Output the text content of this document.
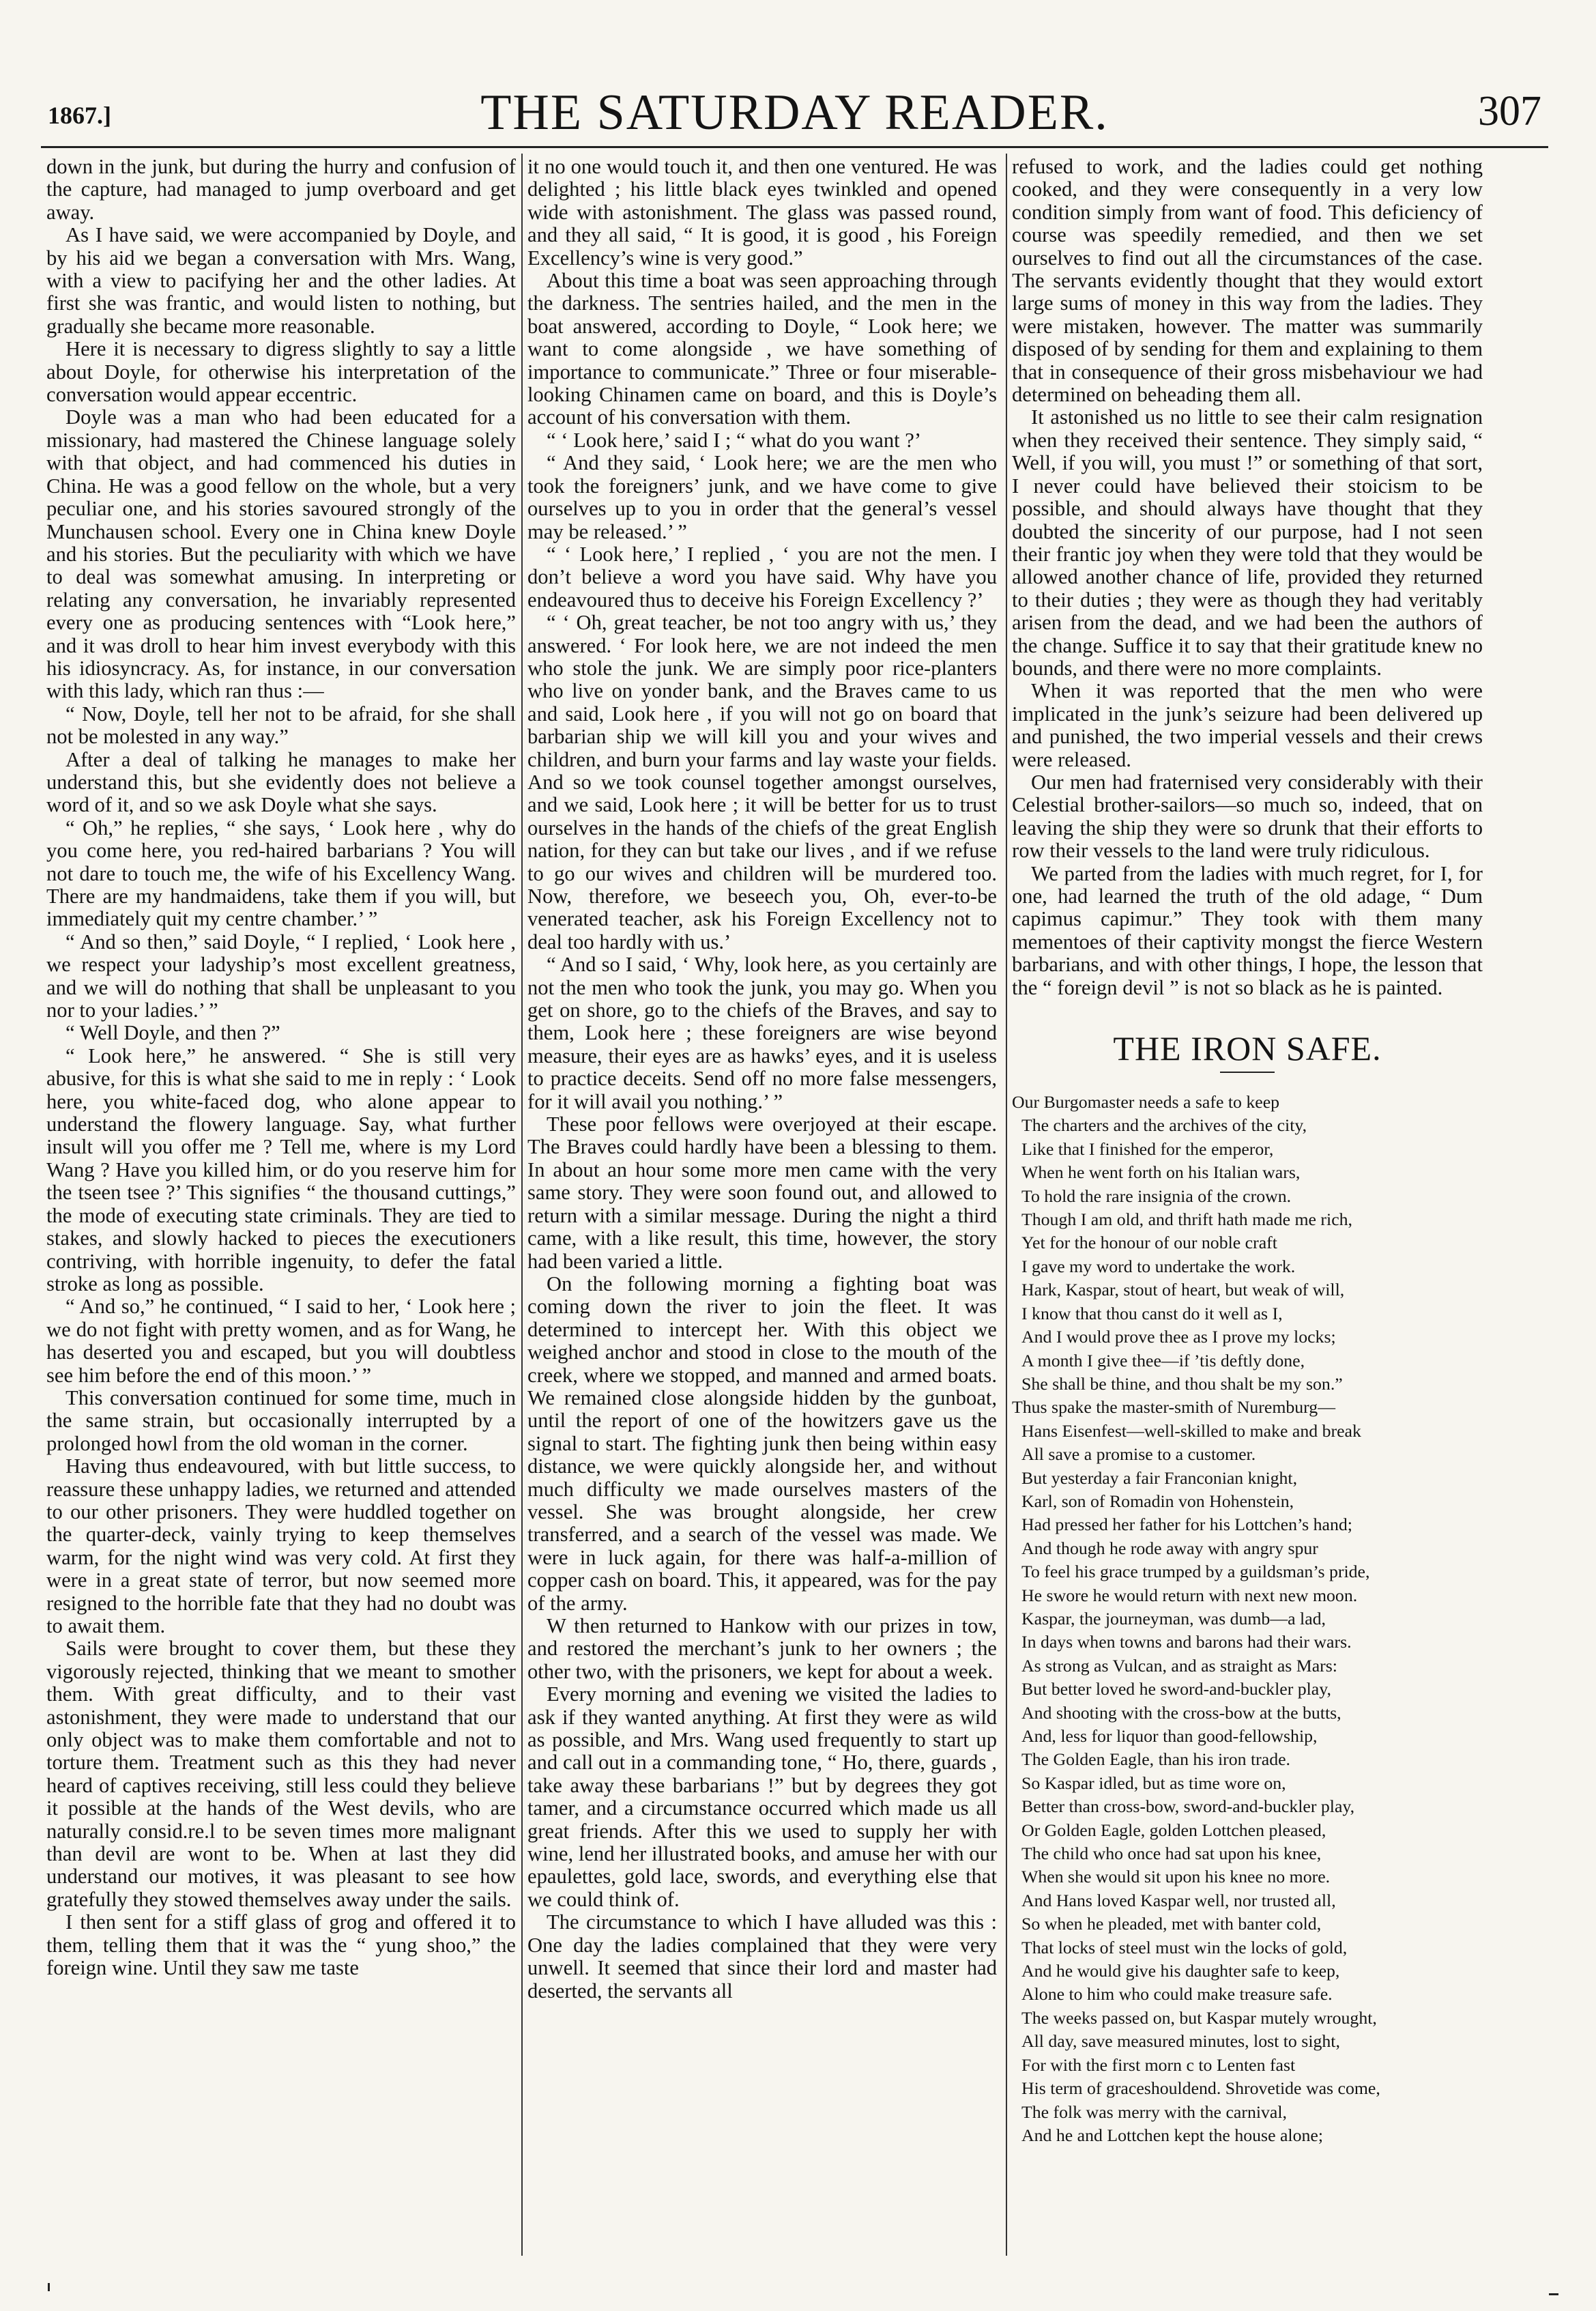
1867.]	THE SATURDAY READER.	307

down in the junk, but during the hurry and confusion of the capture, had managed to jump overboard and get away.

As I have said, we were accompanied by Doyle, and by his aid we began a conversation with Mrs. Wang, with a view to pacifying her and the other ladies. At first she was frantic, and would listen to nothing, but gradually she became more reasonable.

Here it is necessary to digress slightly to say a little about Doyle, for otherwise his interpretation of the conversation would appear eccentric.

Doyle was a man who had been educated for a missionary, had mastered the Chinese language solely with that object, and had commenced his duties in China. He was a good fellow on the whole, but a very peculiar one, and his stories savoured strongly of the Munchausen school. Every one in China knew Doyle and his stories. But the peculiarity with which we have to deal was somewhat amusing. In interpreting or relating any conversation, he invariably represented every one as producing sentences with “Look here,” and it was droll to hear him invest everybody with this his idiosyncracy. As, for instance, in our conversation with this lady, which ran thus :—

“ Now, Doyle, tell her not to be afraid, for she shall not be molested in any way.”

After a deal of talking he manages to make her understand this, but she evidently does not believe a word of it, and so we ask Doyle what she says.

“ Oh,” he replies, “ she says, ‘ Look here , why do you come here, you red-haired barbarians ? You will not dare to touch me, the wife of his Excellency Wang. There are my handmaidens, take them if you will, but immediately quit my centre chamber.’ ”

“ And so then,” said Doyle, “ I replied, ‘ Look here , we respect your ladyship’s most excellent greatness, and we will do nothing that shall be unpleasant to you nor to your ladies.’ ”

“ Well Doyle, and then ?”

“ Look here,” he answered. “ She is still very abusive, for this is what she said to me in reply : ‘ Look here, you white-faced dog, who alone appear to understand the flowery language. Say, what further insult will you offer me ? Tell me, where is my Lord Wang ? Have you killed him, or do you reserve him for the tseen tsee ?’ This signifies “ the thousand cuttings,” the mode of executing state criminals. They are tied to stakes, and slowly hacked to pieces the executioners contriving, with horrible ingenuity, to defer the fatal stroke as long as possible.

“ And so,” he continued, “ I said to her, ‘ Look here ; we do not fight with pretty women, and as for Wang, he has deserted you and escaped, but you will doubtless see him before the end of this moon.’ ”

This conversation continued for some time, much in the same strain, but occasionally interrupted by a prolonged howl from the old woman in the corner.

Having thus endeavoured, with but little success, to reassure these unhappy ladies, we returned and attended to our other prisoners. They were huddled together on the quarter-deck, vainly trying to keep themselves warm, for the night wind was very cold. At first they were in a great state of terror, but now seemed more resigned to the horrible fate that they had no doubt was to await them.

Sails were brought to cover them, but these they vigorously rejected, thinking that we meant to smother them. With great difficulty, and to their vast astonishment, they were made to understand that our only object was to make them comfortable and not to torture them. Treatment such as this they had never heard of captives receiving, still less could they believe it possible at the hands of the West devils, who are naturally consid.re.l to be seven times more malignant than devil are wont to be. When at last they did understand our motives, it was pleasant to see how gratefully they stowed themselves away under the sails.

I then sent for a stiff glass of grog and offered it to them, telling them that it was the “ yung shoo,” the foreign wine. Until they saw me taste

it no one would touch it, and then one ventured. He was delighted ; his little black eyes twinkled and opened wide with astonishment. The glass was passed round, and they all said, “ It is good, it is good , his Foreign Excellency’s wine is very good.”

About this time a boat was seen approaching through the darkness. The sentries hailed, and the men in the boat answered, according to Doyle, “ Look here; we want to come alongside , we have something of importance to communicate.” Three or four miserable-looking Chinamen came on board, and this is Doyle’s account of his conversation with them.

“ ‘ Look here,’ said I ; “ what do you want ?’

“ And they said, ‘ Look here; we are the men who took the foreigners’ junk, and we have come to give ourselves up to you in order that the general’s vessel may be released.’ ”

“ ‘ Look here,’ I replied , ‘ you are not the men. I don’t believe a word you have said. Why have you endeavoured thus to deceive his Foreign Excellency ?’

“ ‘ Oh, great teacher, be not too angry with us,’ they answered. ‘ For look here, we are not indeed the men who stole the junk. We are simply poor rice-planters who live on yonder bank, and the Braves came to us and said, Look here , if you will not go on board that barbarian ship we will kill you and your wives and children, and burn your farms and lay waste your fields. And so we took counsel together amongst ourselves, and we said, Look here ; it will be better for us to trust ourselves in the hands of the chiefs of the great English nation, for they can but take our lives , and if we refuse to go our wives and children will be murdered too. Now, therefore, we beseech you, Oh, ever-to-be venerated teacher, ask his Foreign Excellency not to deal too hardly with us.’

“ And so I said, ‘ Why, look here, as you certainly are not the men who took the junk, you may go. When you get on shore, go to the chiefs of the Braves, and say to them, Look here ; these foreigners are wise beyond measure, their eyes are as hawks’ eyes, and it is useless to practice deceits. Send off no more false messengers, for it will avail you nothing.’ ”

These poor fellows were overjoyed at their escape. The Braves could hardly have been a blessing to them. In about an hour some more men came with the very same story. They were soon found out, and allowed to return with a similar message. During the night a third came, with a like result, this time, however, the story had been varied a little.

On the following morning a fighting boat was coming down the river to join the fleet. It was determined to intercept her. With this object we weighed anchor and stood in close to the mouth of the creek, where we stopped, and manned and armed boats. We remained close alongside hidden by the gunboat, until the report of one of the howitzers gave us the signal to start. The fighting junk then being within easy distance, we were quickly alongside her, and without much difficulty we made ourselves masters of the vessel. She was brought alongside, her crew transferred, and a search of the vessel was made. We were in luck again, for there was half-a-million of copper cash on board. This, it appeared, was for the pay of the army.

W then returned to Hankow with our prizes in tow, and restored the merchant’s junk to her owners ; the other two, with the prisoners, we kept for about a week.

Every morning and evening we visited the ladies to ask if they wanted anything. At first they were as wild as possible, and Mrs. Wang used frequently to start up and call out in a commanding tone, “ Ho, there, guards , take away these barbarians !” but by degrees they got tamer, and a circumstance occurred which made us all great friends. After this we used to supply her with wine, lend her illustrated books, and amuse her with our epaulettes, gold lace, swords, and everything else that we could think of.

The circumstance to which I have alluded was this : One day the ladies complained that they were very unwell. It seemed that since their lord and master had deserted, the servants all

refused to work, and the ladies could get nothing cooked, and they were consequently in a very low condition simply from want of food. This deficiency of course was speedily remedied, and then we set ourselves to find out all the circumstances of the case. The servants evidently thought that they would extort large sums of money in this way from the ladies. They were mistaken, however. The matter was summarily disposed of by sending for them and explaining to them that in consequence of their gross misbehaviour we had determined on beheading them all.

It astonished us no little to see their calm resignation when they received their sentence. They simply said, “ Well, if you will, you must !” or something of that sort, I never could have believed their stoicism to be possible, and should always have thought that they doubted the sincerity of our purpose, had I not seen their frantic joy when they were told that they would be allowed another chance of life, provided they returned to their duties ; they were as though they had veritably arisen from the dead, and we had been the authors of the change. Suffice it to say that their gratitude knew no bounds, and there were no more complaints.

When it was reported that the men who were implicated in the junk’s seizure had been delivered up and punished, the two imperial vessels and their crews were released.

Our men had fraternised very considerably with their Celestial brother-sailors—so much so, indeed, that on leaving the ship they were so drunk that their efforts to row their vessels to the land were truly ridiculous.

We parted from the ladies with much regret, for I, for one, had learned the truth of the old adage, “ Dum capimus capimur.” They took with them many mementoes of their captivity mongst the fierce Western barbarians, and with other things, I hope, the lesson that the “ foreign devil ” is not so black as he is painted.

THE IRON SAFE.
Our Burgomaster needs a safe to keep
The charters and the archives of the city,
Like that I finished for the emperor,
When he went forth on his Italian wars,
To hold the rare insignia of the crown.
Though I am old, and thrift hath made me rich,
Yet for the honour of our noble craft
I gave my word to undertake the work.
Hark, Kaspar, stout of heart, but weak of will,
I know that thou canst do it well as I,
And I would prove thee as I prove my locks;
A month I give thee—if ’tis deftly done,
She shall be thine, and thou shalt be my son.”
Thus spake the master-smith of Nuremburg—
Hans Eisenfest—well-skilled to make and break
All save a promise to a customer.
But yesterday a fair Franconian knight,
Karl, son of Romadin von Hohenstein,
Had pressed her father for his Lottchen’s hand;
And though he rode away with angry spur
To feel his grace trumped by a guildsman’s pride,
He swore he would return with next new moon.
Kaspar, the journeyman, was dumb—a lad,
In days when towns and barons had their wars.
As strong as Vulcan, and as straight as Mars:
But better loved he sword-and-buckler play,
And shooting with the cross-bow at the butts,
And, less for liquor than good-fellowship,
The Golden Eagle, than his iron trade.
So Kaspar idled, but as time wore on,
Better than cross-bow, sword-and-buckler play,
Or Golden Eagle, golden Lottchen pleased,
The child who once had sat upon his knee,
When she would sit upon his knee no more.
And Hans loved Kaspar well, nor trusted all,
So when he pleaded, met with banter cold,
That locks of steel must win the locks of gold,
And he would give his daughter safe to keep,
Alone to him who could make treasure safe.
The weeks passed on, but Kaspar mutely wrought,
All day, save measured minutes, lost to sight,
For with the first morn c to Lenten fast
His term of graceshouldend. Shrovetide was come,
The folk was merry with the carnival,
And he and Lottchen kept the house alone;
